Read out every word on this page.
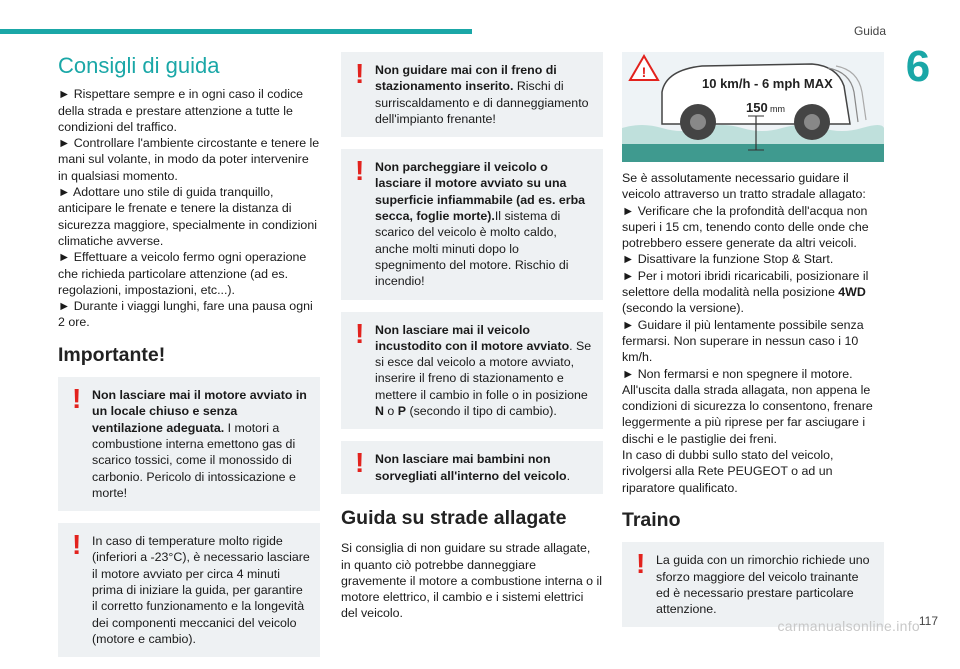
Guida
6
Consigli di guida

► Rispettare sempre e in ogni caso il codice della strada e prestare attenzione a tutte le condizioni del traffico.

► Controllare l'ambiente circostante e tenere le mani sul volante, in modo da poter intervenire in qualsiasi momento.

► Adottare uno stile di guida tranquillo, anticipare le frenate e tenere la distanza di sicurezza maggiore, specialmente in condizioni climatiche avverse.

► Effettuare a veicolo fermo ogni operazione che richieda particolare attenzione (ad es. regolazioni, impostazioni, etc...).

► Durante i viaggi lunghi, fare una pausa ogni 2 ore.

Importante!
! Non lasciare mai il motore avviato in un locale chiuso e senza ventilazione adeguata. I motori a combustione interna emettono gas di scarico tossici, come il monossido di carbonio. Pericolo di intossicazione e morte!
! In caso di temperature molto rigide (inferiori a -23°C), è necessario lasciare il motore avviato per circa 4 minuti prima di iniziare la guida, per garantire il corretto funzionamento e la longevità dei componenti meccanici del veicolo (motore e cambio).
! Non guidare mai con il freno di stazionamento inserito. Rischi di surriscaldamento e di danneggiamento dell'impianto frenante!
! Non parcheggiare il veicolo o lasciare il motore avviato su una superficie infiammabile (ad es. erba secca, foglie morte).Il sistema di scarico del veicolo è molto caldo, anche molti minuti dopo lo spegnimento del motore. Rischio di incendio!
! Non lasciare mai il veicolo incustodito con il motore avviato. Se si esce dal veicolo a motore avviato, inserire il freno di stazionamento e mettere il cambio in folle o in posizione N o P (secondo il tipo di cambio).
! Non lasciare mai bambini non sorvegliati all'interno del veicolo.
Guida su strade allagate

Si consiglia di non guidare su strade allagate, in quanto ciò potrebbe danneggiare gravemente il motore a combustione interna o il motore elettrico, il cambio e i sistemi elettrici del veicolo.

!
10 km/h - 6 mph MAX
150 mm

Se è assolutamente necessario guidare il veicolo attraverso un tratto stradale allagato:

► Verificare che la profondità dell'acqua non superi i 15 cm, tenendo conto delle onde che potrebbero essere generate da altri veicoli.

► Disattivare la funzione Stop & Start.

► Per i motori ibridi ricaricabili, posizionare il selettore della modalità nella posizione 4WD (secondo la versione).

► Guidare il più lentamente possibile senza fermarsi. Non superare in nessun caso i 10 km/h.

► Non fermarsi e non spegnere il motore.

All'uscita dalla strada allagata, non appena le condizioni di sicurezza lo consentono, frenare leggermente a più riprese per far asciugare i dischi e le pastiglie dei freni.

In caso di dubbi sullo stato del veicolo, rivolgersi alla Rete PEUGEOT o ad un riparatore qualificato.

Traino
! La guida con un rimorchio richiede uno sforzo maggiore del veicolo trainante ed è necessario prestare particolare attenzione.
carmanualsonline.info
117
